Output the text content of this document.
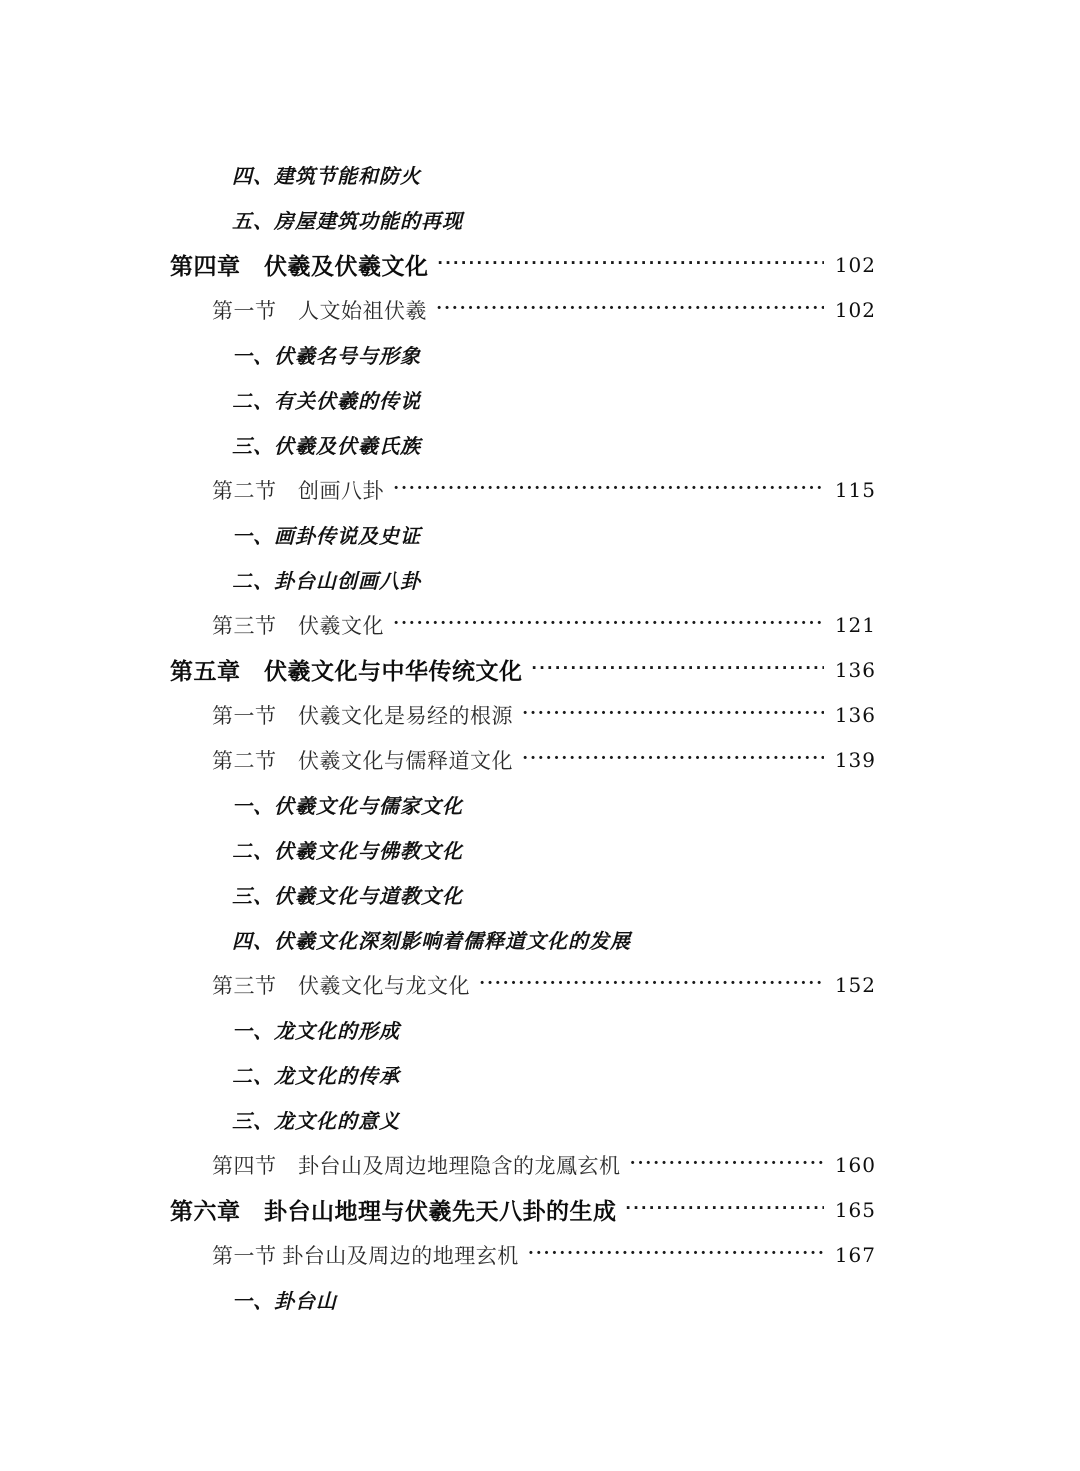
四、建筑节能和防火
五、房屋建筑功能的再现
第四章　伏羲及伏羲文化 ·····	102
第一节　人文始祖伏羲 ·····	102
一、伏羲名号与形象
二、有关伏羲的传说
三、伏羲及伏羲氏族
第二节　创画八卦 ·····	115
一、画卦传说及史证
二、卦台山创画八卦
第三节　伏羲文化 ·····	121
第五章　伏羲文化与中华传统文化 ·····	136
第一节　伏羲文化是易经的根源 ·····	136
第二节　伏羲文化与儒释道文化 ·····	139
一、伏羲文化与儒家文化
二、伏羲文化与佛教文化
三、伏羲文化与道教文化
四、伏羲文化深刻影响着儒释道文化的发展
第三节　伏羲文化与龙文化 ·····	152
一、龙文化的形成
二、龙文化的传承
三、龙文化的意义
第四节　卦台山及周边地理隐含的龙鳳玄机 ·····	160
第六章　卦台山地理与伏羲先天八卦的生成 ·····	165
第一节 卦台山及周边的地理玄机 ·····	167
一、卦台山
